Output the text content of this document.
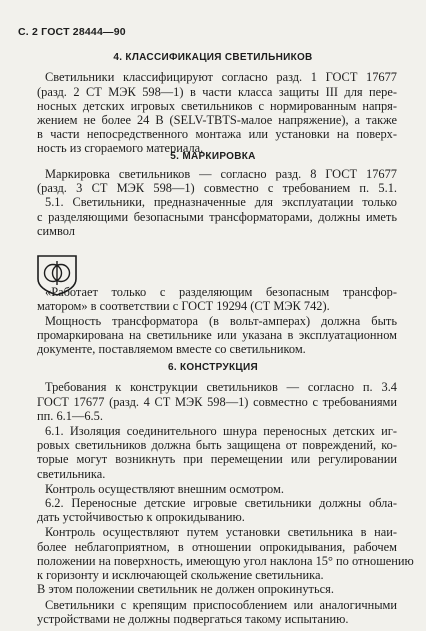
С. 2 ГОСТ 28444—90
4. КЛАССИФИКАЦИЯ СВЕТИЛЬНИКОВ
Светильники классифицируют согласно разд. 1 ГОСТ 17677
(разд. 2 СТ МЭК 598—1) в части класса защиты III для пере-
носных детских игровых светильников с нормированным напря-
жением не более 24 В (SELV-TBTS-малое напряжение), а также
в части непосредственного монтажа или установки на поверх-
ность из сгораемого материала.
5. МАРКИРОВКА
Маркировка светильников — согласно разд. 8 ГОСТ 17677
(разд. 3 СТ МЭК 598—1) совместно с требованием п. 5.1.
5.1. Светильники, предназначенные для эксплуатации только
с разделяющими безопасными трансформаторами, должны иметь
символ
«Работает только с разделяющим безопасным трансфор-
матором» в соответствии с ГОСТ 19294 (СТ МЭК 742).
Мощность трансформатора (в вольт-амперах) должна быть
промаркирована на светильнике или указана в эксплуатационном
документе, поставляемом вместе со светильником.
6. КОНСТРУКЦИЯ
Требования к конструкции светильников — согласно п. 3.4
ГОСТ 17677 (разд. 4 СТ МЭК 598—1) совместно с требованиями
пп. 6.1—6.5.
6.1. Изоляция соединительного шнура переносных детских иг-
ровых светильников должна быть защищена от повреждений, ко-
торые могут возникнуть при перемещении или регулировании
светильника.
Контроль осуществляют внешним осмотром.
6.2. Переносные детские игровые светильники должны обла-
дать устойчивостью к опрокидыванию.
Контроль осуществляют путем установки светильника в наи-
более неблагоприятном, в отношении опрокидывания, рабочем
положении на поверхность, имеющую угол наклона 15° по отношению
к горизонту и исключающей скольжение светильника.
В этом положении светильник не должен опрокинуться.
Светильники с крепящим приспособлением или аналогичными
устройствами не должны подвергаться такому испытанию.
